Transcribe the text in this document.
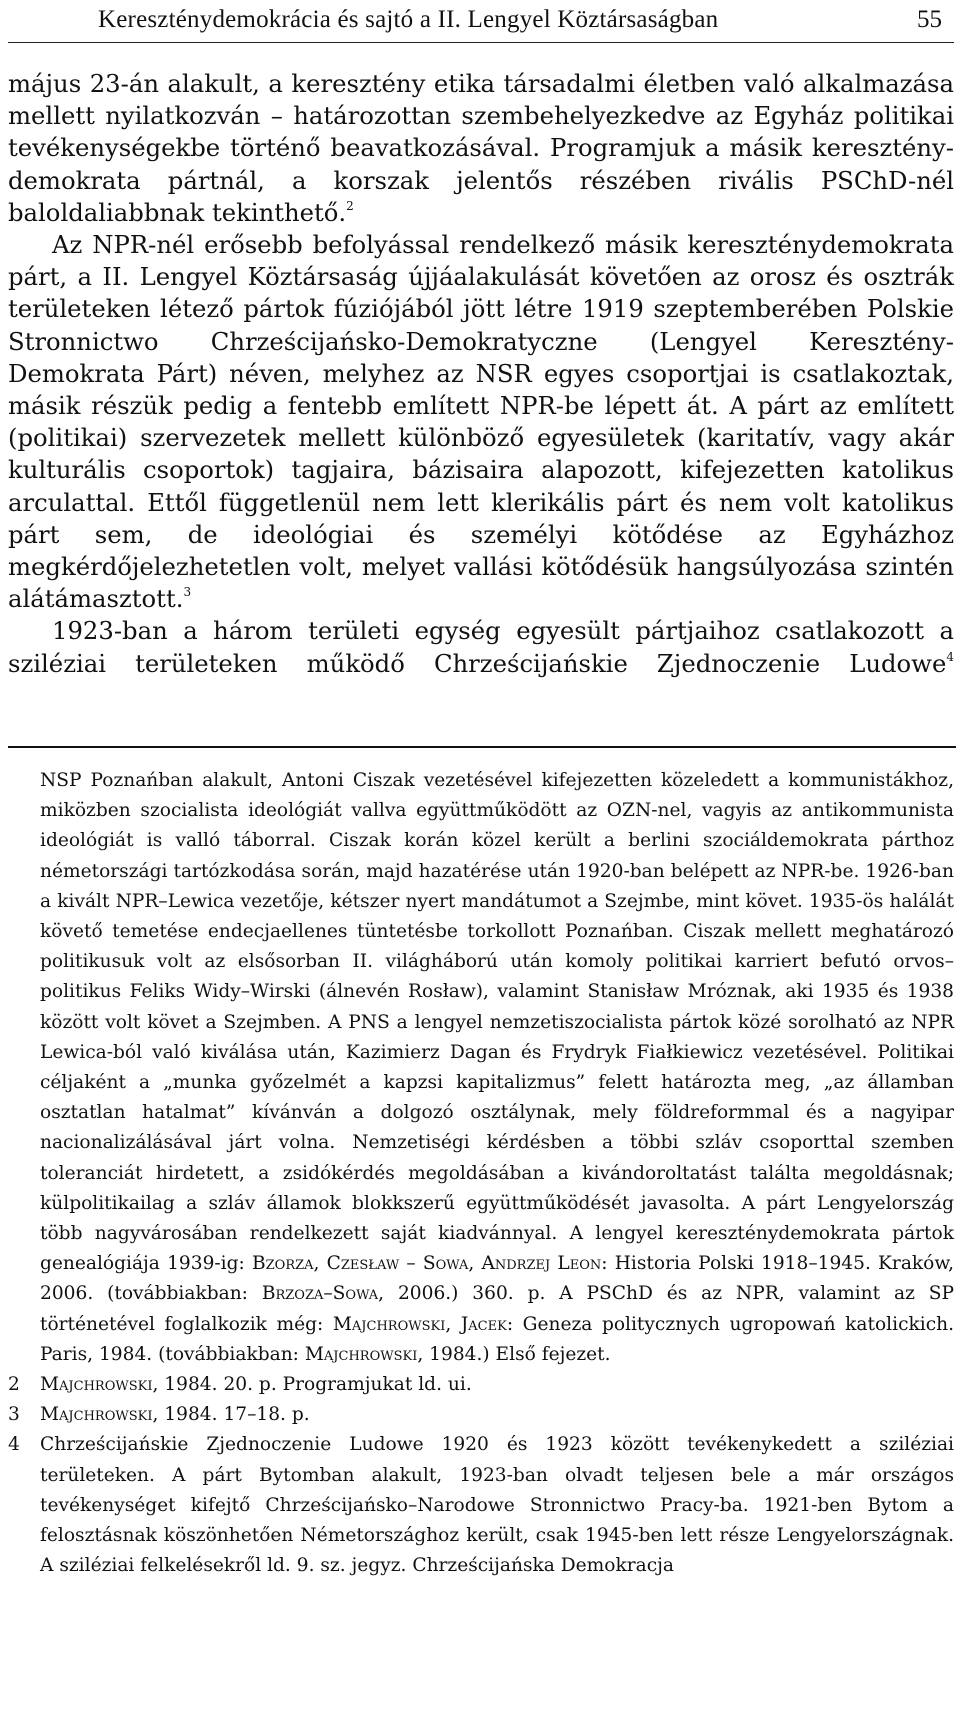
Kereszténydemokrácia és sajtó a II. Lengyel Köztársaságban	55

május 23-án alakult, a keresztény etika társadalmi életben való alkalmazása mellett nyilatkozván – határozottan szembehelyezkedve az Egyház politikai tevékenységekbe történő beavatkozásával. Programjuk a másik kereszténydemokrata pártnál, a korszak jelentős részében rivális PSChD-nél baloldaliabbnak tekinthető.$^2$

Az NPR-nél erősebb befolyással rendelkező másik kereszténydemokrata párt, a II. Lengyel Köztársaság újjáalakulását követően az orosz és osztrák területeken létező pártok fúziójából jött létre 1919 szeptemberében Polskie Stronnictwo Chrześcijańsko-Demokratyczne (Lengyel Keresztény-Demokrata Párt) néven, melyhez az NSR egyes csoportjai is csatlakoztak, másik részük pedig a fentebb említett NPR-be lépett át. A párt az említett (politikai) szervezetek mellett különböző egyesületek (karitatív, vagy akár kulturális csoportok) tagjaira, bázisaira alapozott, kifejezetten katolikus arculattal. Ettől függetlenül nem lett klerikális párt és nem volt katolikus párt sem, de ideológiai és személyi kötődése az Egyházhoz megkérdőjelezhetetlen volt, melyet vallási kötődésük hangsúlyozása szintén alátámasztott.$^3$

1923-ban a három területi egység egyesült pártjaihoz csatlakozott a sziléziai területeken működő Chrześcijańskie Zjednoczenie Ludowe$^4$

NSP Poznańban alakult, Antoni Ciszak vezetésével kifejezetten közeledett a kommunistákhoz, miközben szocialista ideológiát vallva együttműködött az OZN-nel, vagyis az antikommunista ideológiát is valló táborral. Ciszak korán közel került a berlini szociáldemokrata párthoz németországi tartózkodása során, majd hazatérése után 1920-ban belépett az NPR-be. 1926-ban a kivált NPR–Lewica vezetője, kétszer nyert mandátumot a Szejmbe, mint követ. 1935-ös halálát követő temetése endecjaellenes tüntetésbe torkollott Poznańban. Ciszak mellett meghatározó politikusuk volt az elsősorban II. világháború után komoly politikai karriert befutó orvos–politikus Feliks Widy–Wirski (álnevén Rosław), valamint Stanisław Mróznak, aki 1935 és 1938 között volt követ a Szejmben. A PNS a lengyel nemzetiszocialista pártok közé sorolható az NPR Lewica-ból való kiválása után, Kazimierz Dagan és Frydryk Fiałkiewicz vezetésével. Politikai céljaként a „munka győzelmét a kapzsi kapitalizmus” felett határozta meg, „az államban osztatlan hatalmat” kívánván a dolgozó osztálynak, mely földreformmal és a nagyipar nacionalizálásával járt volna. Nemzetiségi kérdésben a többi szláv csoporttal szemben toleranciát hirdetett, a zsidókérdés megoldásában a kivándoroltatást találta megoldásnak; külpolitikailag a szláv államok blokkszerű együttműködését javasolta. A párt Lengyelország több nagyvárosában rendelkezett saját kiadvánnyal. A lengyel kereszténydemokrata pártok genealógiája 1939-ig: Bzorza, Czesław – Sowa, Andrzej Leon: Historia Polski 1918–1945. Kraków, 2006. (továbbiakban: Brzoza–Sowa, 2006.) 360. p. A PSChD és az NPR, valamint az SP történetével foglalkozik még: Majchrowski, Jacek: Geneza politycznych ugropowań katolickich. Paris, 1984. (továbbiakban: Majchrowski, 1984.) Első fejezet.
2 Majchrowski, 1984. 20. p. Programjukat ld. ui.
3 Majchrowski, 1984. 17–18. p.
4 Chrześcijańskie Zjednoczenie Ludowe 1920 és 1923 között tevékenykedett a sziléziai területeken. A párt Bytomban alakult, 1923-ban olvadt teljesen bele a már országos tevékenységet kifejtő Chrześcijańsko–Narodowe Stronnictwo Pracy-ba. 1921-ben Bytom a felosztásnak köszönhetően Németországhoz került, csak 1945-ben lett része Lengyelországnak. A sziléziai felkelésekről ld. 9. sz. jegyz. Chrześcijańska Demokracja
